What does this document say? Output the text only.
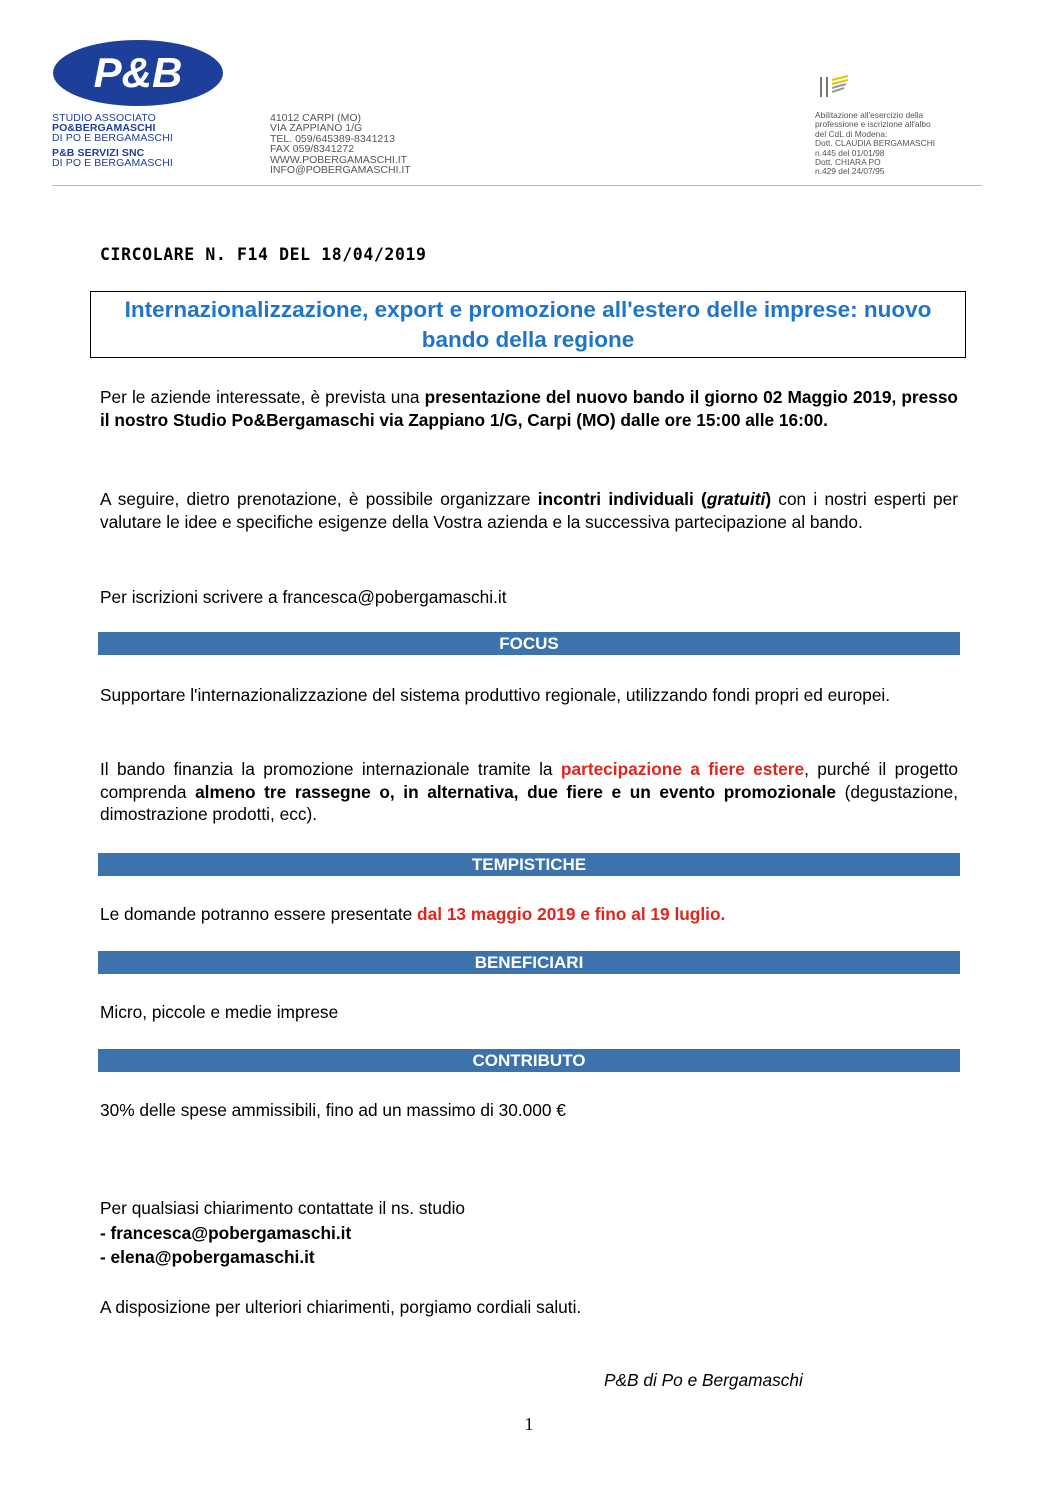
P&B
STUDIO ASSOCIATO
PO&BERGAMASCHI
DI PO E BERGAMASCHI
P&B SERVIZI SNC
DI PO E BERGAMASCHI
41012 CARPI (MO)
VIA ZAPPIANO 1/G
TEL. 059/645389-8341213
FAX 059/8341272
WWW.POBERGAMASCHI.IT
INFO@POBERGAMASCHI.IT
Abilitazione all'esercizio della
professione e iscrizione all'albo
del CdL di Modena:
Dott. CLAUDIA BERGAMASCHI
n.445 del 01/01/98
Dott. CHIARA PO
n.429 del 24/07/95
CIRCOLARE N. F14 DEL 18/04/2019
Internazionalizzazione, export e promozione all'estero delle imprese: nuovo bando della regione
Per le aziende interessate, è prevista una presentazione del nuovo bando il giorno 02 Maggio 2019, presso il nostro Studio Po&Bergamaschi via Zappiano 1/G, Carpi (MO) dalle ore 15:00 alle 16:00.
A seguire, dietro prenotazione, è possibile organizzare incontri individuali (gratuiti) con i nostri esperti per valutare le idee e specifiche esigenze della Vostra azienda e la successiva partecipazione al bando.
Per iscrizioni scrivere a francesca@pobergamaschi.it
FOCUS
Supportare l'internazionalizzazione del sistema produttivo regionale, utilizzando fondi propri ed europei.
Il bando finanzia la promozione internazionale tramite la partecipazione a fiere estere, purché il progetto comprenda almeno tre rassegne o, in alternativa, due fiere e un evento promozionale (degustazione, dimostrazione prodotti, ecc).
TEMPISTICHE
Le domande potranno essere presentate dal 13 maggio 2019 e fino al 19 luglio.
BENEFICIARI
Micro, piccole e medie imprese
CONTRIBUTO
30% delle spese ammissibili, fino ad un massimo di 30.000 €
Per qualsiasi chiarimento contattate il ns. studio
- francesca@pobergamaschi.it
- elena@pobergamaschi.it
A disposizione per ulteriori chiarimenti, porgiamo cordiali saluti.
P&B di Po e Bergamaschi
1
